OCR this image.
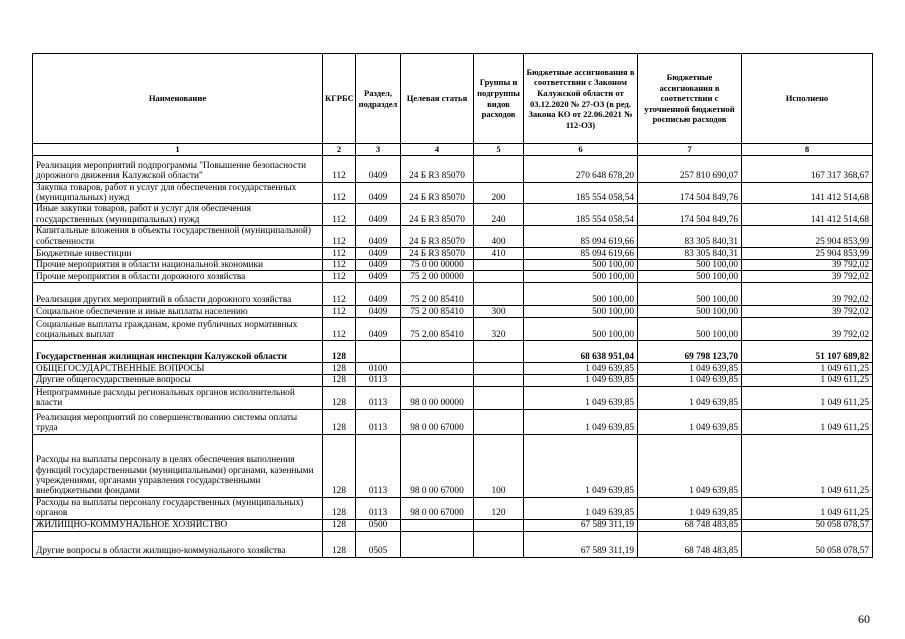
Наименование	КГРБС	Раздел, подраздел	Целевая статья	Группы и подгруппы видов расходов	Бюджетные ассигнования в соответствии с Законом Калужской области от 03.12.2020 № 27-ОЗ (в ред. Закона КО от 22.06.2021 № 112-ОЗ)	Бюджетные ассигнования в соответствии с уточненной бюджетной росписью расходов	Исполнено
1	2	3	4	5	6	7	8
Реализация мероприятий подпрограммы "Повышение безопасности дорожного движения Калужской области"	112	0409	24 Б R3 85070		270 648 678,20	257 810 690,07	167 317 368,67
Закупка товаров, работ и услуг для обеспечения государственных (муниципальных) нужд	112	0409	24 Б R3 85070	200	185 554 058,54	174 504 849,76	141 412 514,68
Иные закупки товаров, работ и услуг для обеспечения государственных (муниципальных) нужд	112	0409	24 Б R3 85070	240	185 554 058,54	174 504 849,76	141 412 514,68
Капитальные вложения в объекты государственной (муниципальной) собственности	112	0409	24 Б R3 85070	400	85 094 619,66	83 305 840,31	25 904 853,99
Бюджетные инвестиции	112	0409	24 Б R3 85070	410	85 094 619,66	83 305 840,31	25 904 853,99
Прочие мероприятия в области национальной экономики	112	0409	75 0 00 00000		500 100,00	500 100,00	39 792,02
Прочие мероприятия в области дорожного хозяйства	112	0409	75 2 00 00000		500 100,00	500 100,00	39 792,02
Реализация других мероприятий в области дорожного хозяйства	112	0409	75 2 00 85410		500 100,00	500 100,00	39 792,02
Социальное обеспечение и иные выплаты населению	112	0409	75 2 00 85410	300	500 100,00	500 100,00	39 792,02
Социальные выплаты гражданам, кроме публичных нормативных социальных выплат	112	0409	75 2.00 85410	320	500 100,00	500 100,00	39 792,02
Государственная жилищная инспекция Калужской области	128				68 638 951,04	69 798 123,70	51 107 689,82
ОБЩЕГОСУДАРСТВЕННЫЕ ВОПРОСЫ	128	0100			1 049 639,85	1 049 639,85	1 049 611,25
Другие общегосударственные вопросы	128	0113			1 049 639,85	1 049 639,85	1 049 611,25
Непрограммные расходы региональных органов исполнительной власти	128	0113	98 0 00 00000		1 049 639,85	1 049 639,85	1 049 611,25
Реализация мероприятий по совершенствованию системы оплаты труда	128	0113	98 0 00 67000		1 049 639,85	1 049 639,85	1 049 611,25
Расходы на выплаты персоналу в целях обеспечения выполнения функций государственными (муниципальными) органами, казенными учреждениями, органами управления государственными внебюджетными фондами	128	0113	98 0 00 67000	100	1 049 639,85	1 049 639,85	1 049 611,25
Расходы на выплаты персоналу государственных (муниципальных) органов	128	0113	98 0 00 67000	120	1 049 639,85	1 049 639,85	1 049 611,25
ЖИЛИЩНО-КОММУНАЛЬНОЕ ХОЗЯЙСТВО	128	0500			67 589 311,19	68 748 483,85	50 058 078,57
Другие вопросы в области жилищно-коммунального хозяйства	128	0505			67 589 311,19	68 748 483,85	50 058 078,57
60
